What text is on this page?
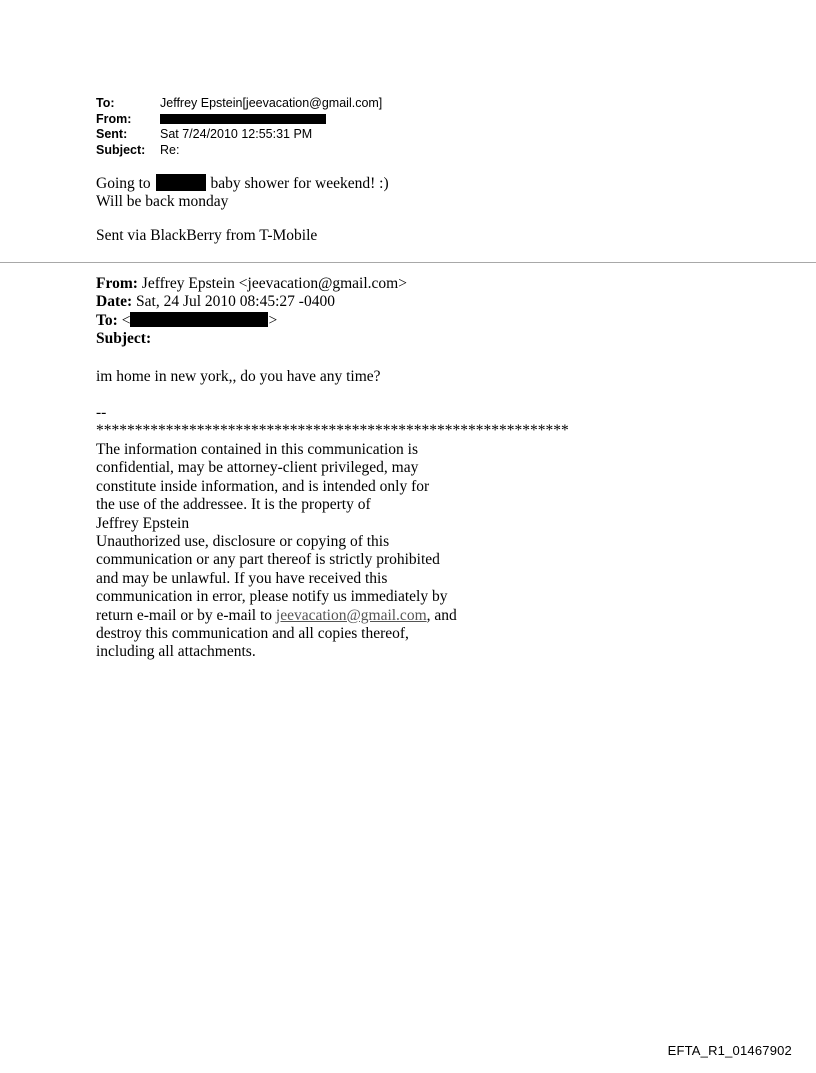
To:	Jeffrey Epstein[jeevacation@gmail.com]
From:
Sent:	Sat 7/24/2010 12:55:31 PM
Subject:	Re:
Going to	baby shower for weekend! :)
Will be back monday
Sent via BlackBerry from T-Mobile
From: Jeffrey Epstein <jeevacation@gmail.com>
Date: Sat, 24 Jul 2010 08:45:27 -0400
To: <	>
Subject:
im home in new york,, do you have any time?
--
*************************************************************
The information contained in this communication is
confidential, may be attorney-client privileged, may
constitute inside information, and is intended only for
the use of the addressee. It is the property of
Jeffrey Epstein
Unauthorized use, disclosure or copying of this
communication or any part thereof is strictly prohibited
and may be unlawful. If you have received this
communication in error, please notify us immediately by
return e-mail or by e-mail to jeevacation@gmail.com, and
destroy this communication and all copies thereof,
including all attachments.
EFTA_R1_01467902
